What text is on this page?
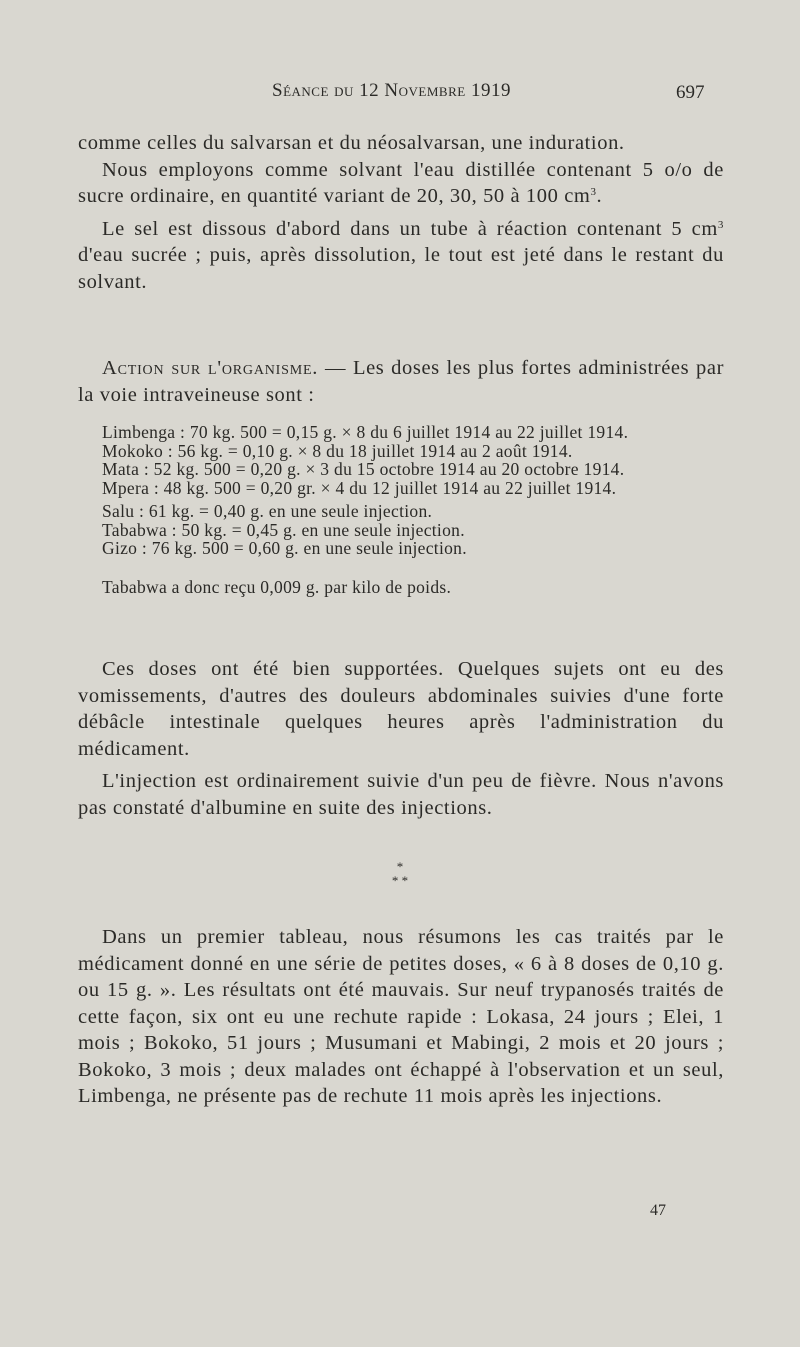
Séance du 12 Novembre 1919	697

comme celles du salvarsan et du néosalvarsan, une induration.

Nous employons comme solvant l'eau distillée contenant 5 o/o de sucre ordinaire, en quantité variant de 20, 30, 50 à 100 $cm^3$.

Le sel est dissous d'abord dans un tube à réaction contenant 5 $cm^3$ d'eau sucrée ; puis, après dissolution, le tout est jeté dans le restant du solvant.

Action sur l'organisme. — Les doses les plus fortes administrées par la voie intraveineuse sont :

Limbenga : 70 kg. 500 = 0,15 g. × 8 du 6 juillet 1914 au 22 juillet 1914.

Mokoko : 56 kg. = 0,10 g. × 8 du 18 juillet 1914 au 2 août 1914.

Mata : 52 kg. 500 = 0,20 g. × 3 du 15 octobre 1914 au 20 octobre 1914.

Mpera : 48 kg. 500 = 0,20 gr. × 4 du 12 juillet 1914 au 22 juillet 1914.

Salu : 61 kg. = 0,40 g. en une seule injection.

Tababwa : 50 kg. = 0,45 g. en une seule injection.

Gizo : 76 kg. 500 = 0,60 g. en une seule injection.

Tababwa a donc reçu 0,009 g. par kilo de poids.

Ces doses ont été bien supportées. Quelques sujets ont eu des vomissements, d'autres des douleurs abdominales suivies d'une forte débâcle intestinale quelques heures après l'administration du médicament.

L'injection est ordinairement suivie d'un peu de fièvre. Nous n'avons pas constaté d'albumine en suite des injections.

*
* *

Dans un premier tableau, nous résumons les cas traités par le médicament donné en une série de petites doses, « 6 à 8 doses de 0,10 g. ou 15 g. ». Les résultats ont été mauvais. Sur neuf trypanosés traités de cette façon, six ont eu une rechute rapide : Lokasa, 24 jours ; Elei, 1 mois ; Bokoko, 51 jours ; Musumani et Mabingi, 2 mois et 20 jours ; Bokoko, 3 mois ; deux malades ont échappé à l'observation et un seul, Limbenga, ne présente pas de rechute 11 mois après les injections.

47
